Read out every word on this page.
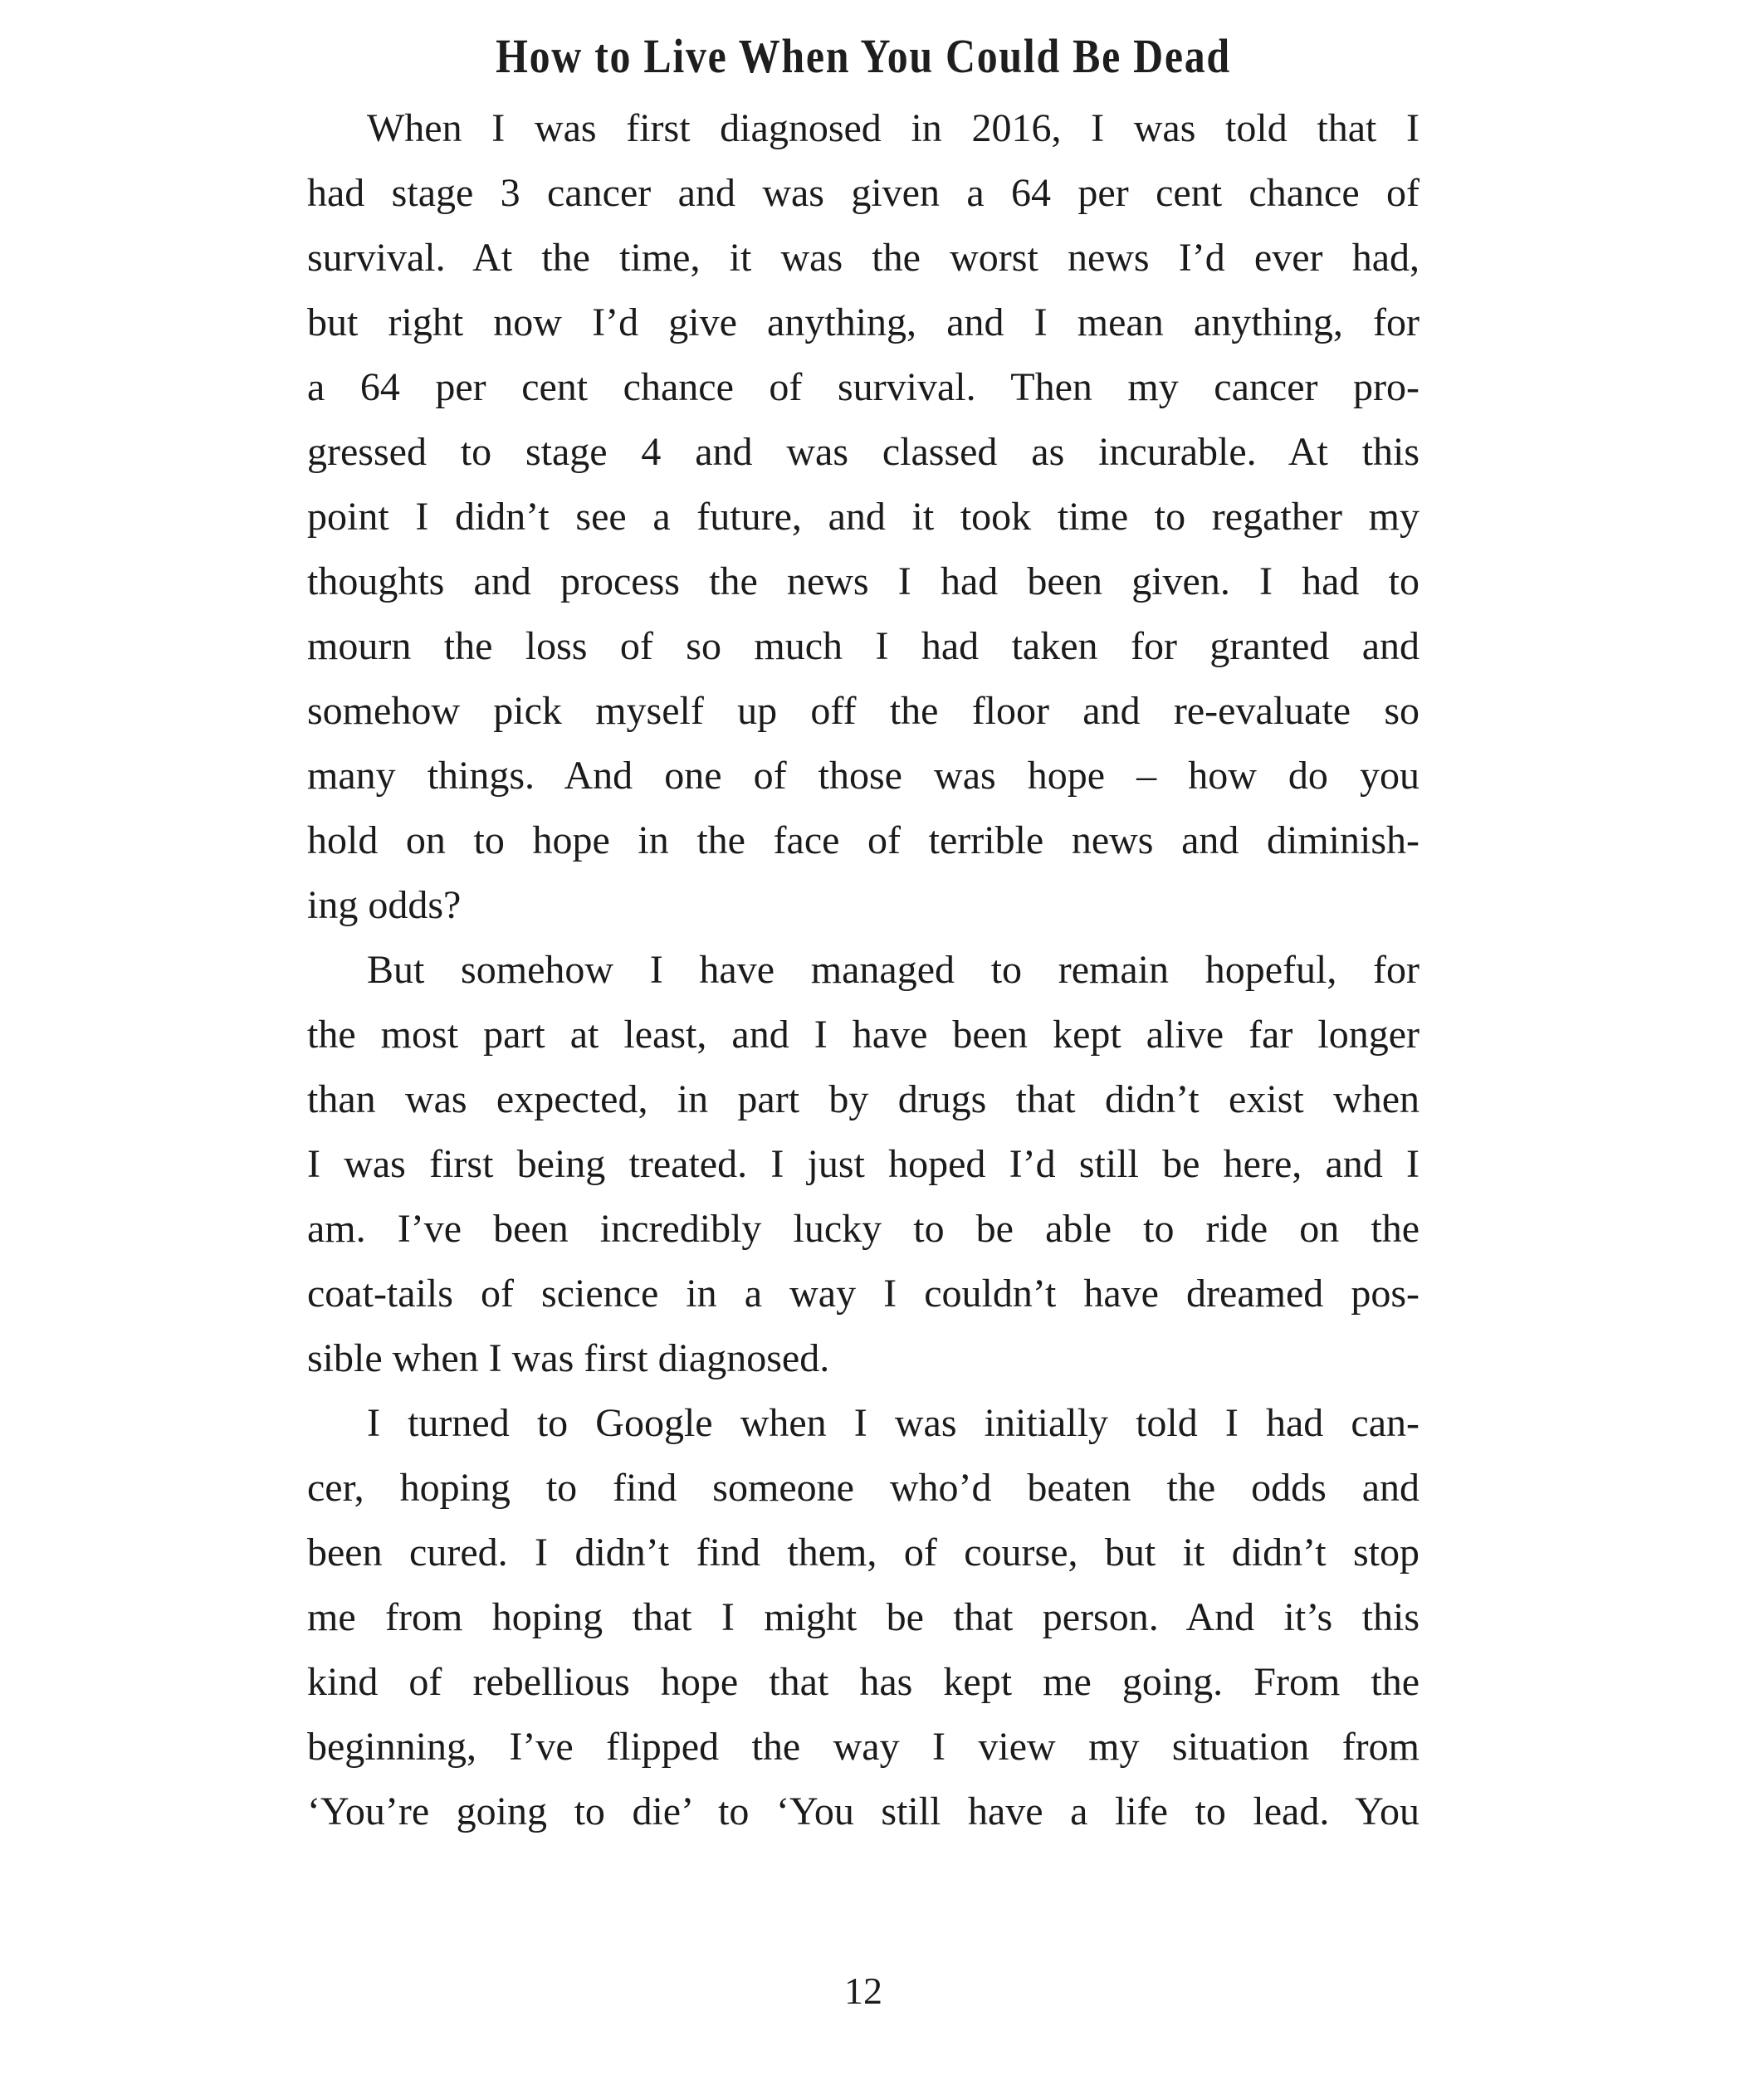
How to Live When You Could Be Dead
When I was first diagnosed in 2016, I was told that I
had stage 3 cancer and was given a 64 per cent chance of
survival. At the time, it was the worst news I’d ever had,
but right now I’d give anything, and I mean anything, for
a 64 per cent chance of survival. Then my cancer pro-
gressed to stage 4 and was classed as incurable. At this
point I didn’t see a future, and it took time to regather my
thoughts and process the news I had been given. I had to
mourn the loss of so much I had taken for granted and
somehow pick myself up off the floor and re-evaluate so
many things. And one of those was hope – how do you
hold on to hope in the face of terrible news and diminish-
ing odds?
But somehow I have managed to remain hopeful, for
the most part at least, and I have been kept alive far longer
than was expected, in part by drugs that didn’t exist when
I was first being treated. I just hoped I’d still be here, and I
am. I’ve been incredibly lucky to be able to ride on the
coat-tails of science in a way I couldn’t have dreamed pos-
sible when I was first diagnosed.
I turned to Google when I was initially told I had can-
cer, hoping to find someone who’d beaten the odds and
been cured. I didn’t find them, of course, but it didn’t stop
me from hoping that I might be that person. And it’s this
kind of rebellious hope that has kept me going. From the
beginning, I’ve flipped the way I view my situation from
‘You’re going to die’ to ‘You still have a life to lead. You
12
